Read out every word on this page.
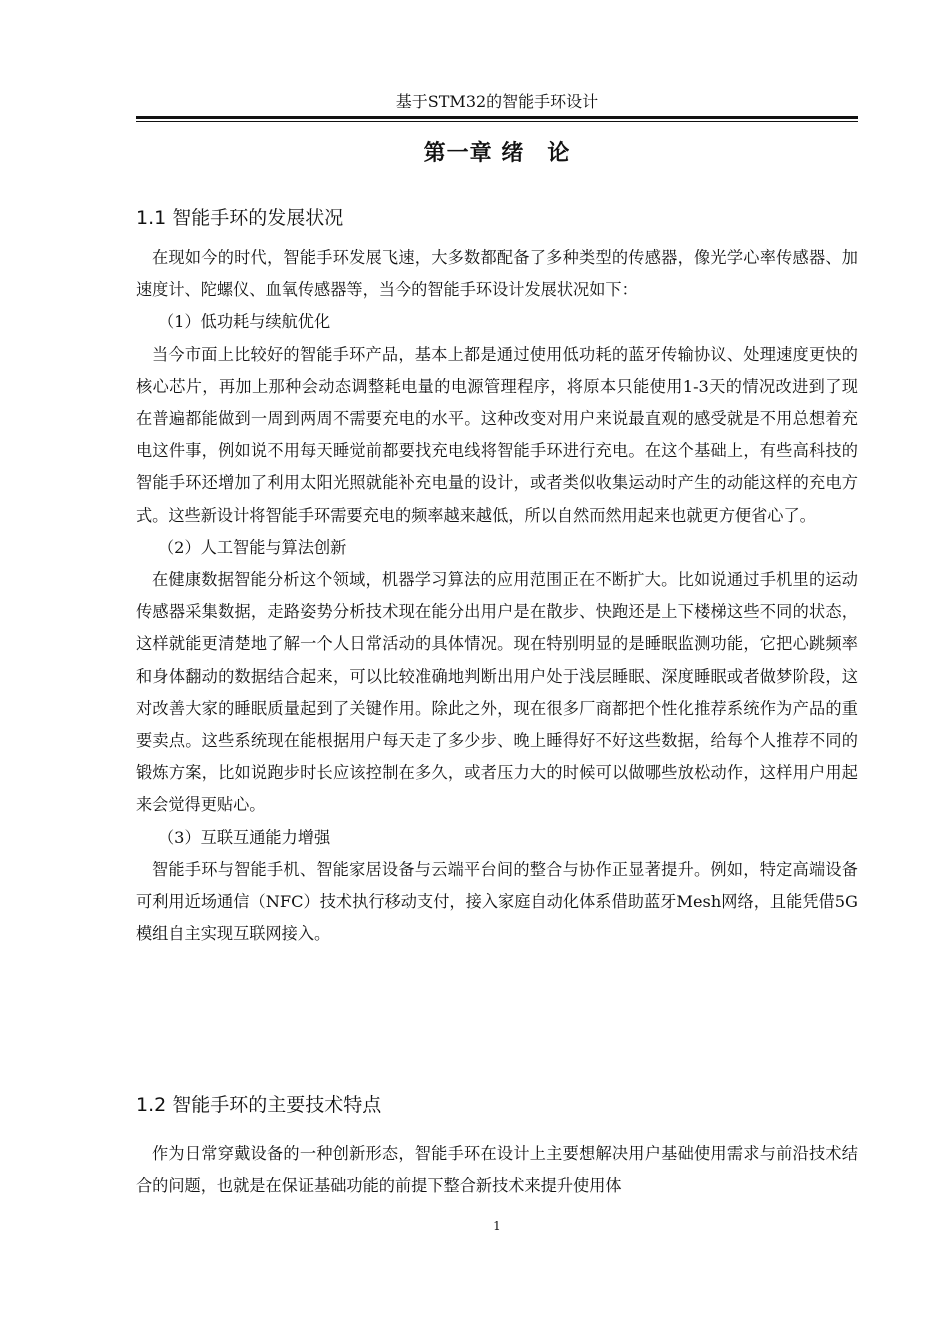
基于STM32的智能手环设计
第一章 绪　论
1.1 智能手环的发展状况

在现如今的时代，智能手环发展飞速，大多数都配备了多种类型的传感器，像光学心率传感器、加速度计、陀螺仪、血氧传感器等，当今的智能手环设计发展状况如下：

（1）低功耗与续航优化

当今市面上比较好的智能手环产品，基本上都是通过使用低功耗的蓝牙传输协议、处理速度更快的核心芯片，再加上那种会动态调整耗电量的电源管理程序，将原本只能使用1-3天的情况改进到了现在普遍都能做到一周到两周不需要充电的水平。这种改变对用户来说最直观的感受就是不用总想着充电这件事，例如说不用每天睡觉前都要找充电线将智能手环进行充电。在这个基础上，有些高科技的智能手环还增加了利用太阳光照就能补充电量的设计，或者类似收集运动时产生的动能这样的充电方式。这些新设计将智能手环需要充电的频率越来越低，所以自然而然用起来也就更方便省心了。

（2）人工智能与算法创新

在健康数据智能分析这个领域，机器学习算法的应用范围正在不断扩大。比如说通过手机里的运动传感器采集数据，走路姿势分析技术现在能分出用户是在散步、快跑还是上下楼梯这些不同的状态，这样就能更清楚地了解一个人日常活动的具体情况。现在特别明显的是睡眠监测功能，它把心跳频率和身体翻动的数据结合起来，可以比较准确地判断出用户处于浅层睡眠、深度睡眠或者做梦阶段，这对改善大家的睡眠质量起到了关键作用。除此之外，现在很多厂商都把个性化推荐系统作为产品的重要卖点。这些系统现在能根据用户每天走了多少步、晚上睡得好不好这些数据，给每个人推荐不同的锻炼方案，比如说跑步时长应该控制在多久，或者压力大的时候可以做哪些放松动作，这样用户用起来会觉得更贴心。

（3）互联互通能力增强

智能手环与智能手机、智能家居设备与云端平台间的整合与协作正显著提升。例如，特定高端设备可利用近场通信（NFC）技术执行移动支付，接入家庭自动化体系借助蓝牙Mesh网络，且能凭借5G模组自主实现互联网接入。

1.2 智能手环的主要技术特点

作为日常穿戴设备的一种创新形态，智能手环在设计上主要想解决用户基础使用需求与前沿技术结合的问题，也就是在保证基础功能的前提下整合新技术来提升使用体

1
